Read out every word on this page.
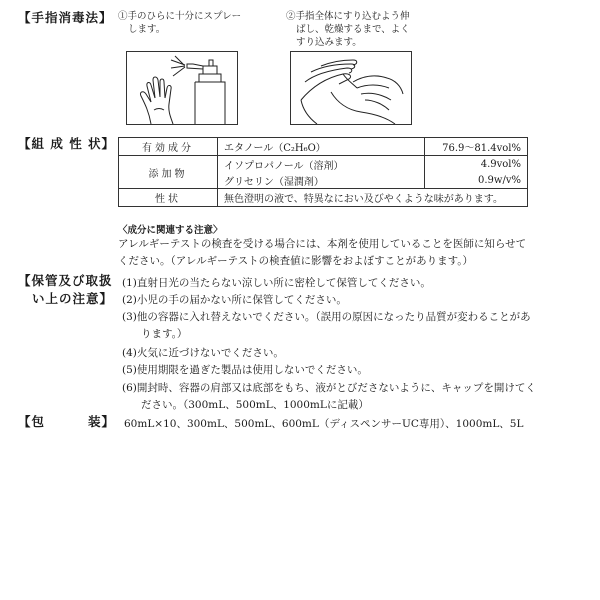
【手指消毒法】 ①手のひらに十分にスプレー
します。
②手指全体にすり込むよう伸
ばし、乾燥するまで、よく
すり込みます。
【組 成 性 状】	有効成分	エタノール（C₂H₆O）	76.9～81.4vol%
添加物	イソプロパノール（溶剤）	4.9vol%
	グリセリン（湿潤剤）	0.9w/v%
性状	無色澄明の液で、特異なにおい及びやくような味があります。	
〈成分に関連する注意〉
アレルギーテストの検査を受ける場合には、本剤を使用していることを医師に知らせて
ください。（アレルギーテストの検査値に影響をおよぼすことがあります。）
【保管及び取扱
い上の注意】
(1)直射日光の当たらない涼しい所に密栓して保管してください。
(2)小児の手の届かない所に保管してください。
(3)他の容器に入れ替えないでください。（誤用の原因になったり品質が変わることがあ
ります。）
(4)火気に近づけないでください。
(5)使用期限を過ぎた製品は使用しないでください。
(6)開封時、容器の肩部又は底部をもち、液がとびださないように、キャップを開けてく
ださい。（300mL、500mL、1000mLに記載）
【包	装】 60mL×10、300mL、500mL、600mL（ディスペンサーUC専用）、1000mL、5L
